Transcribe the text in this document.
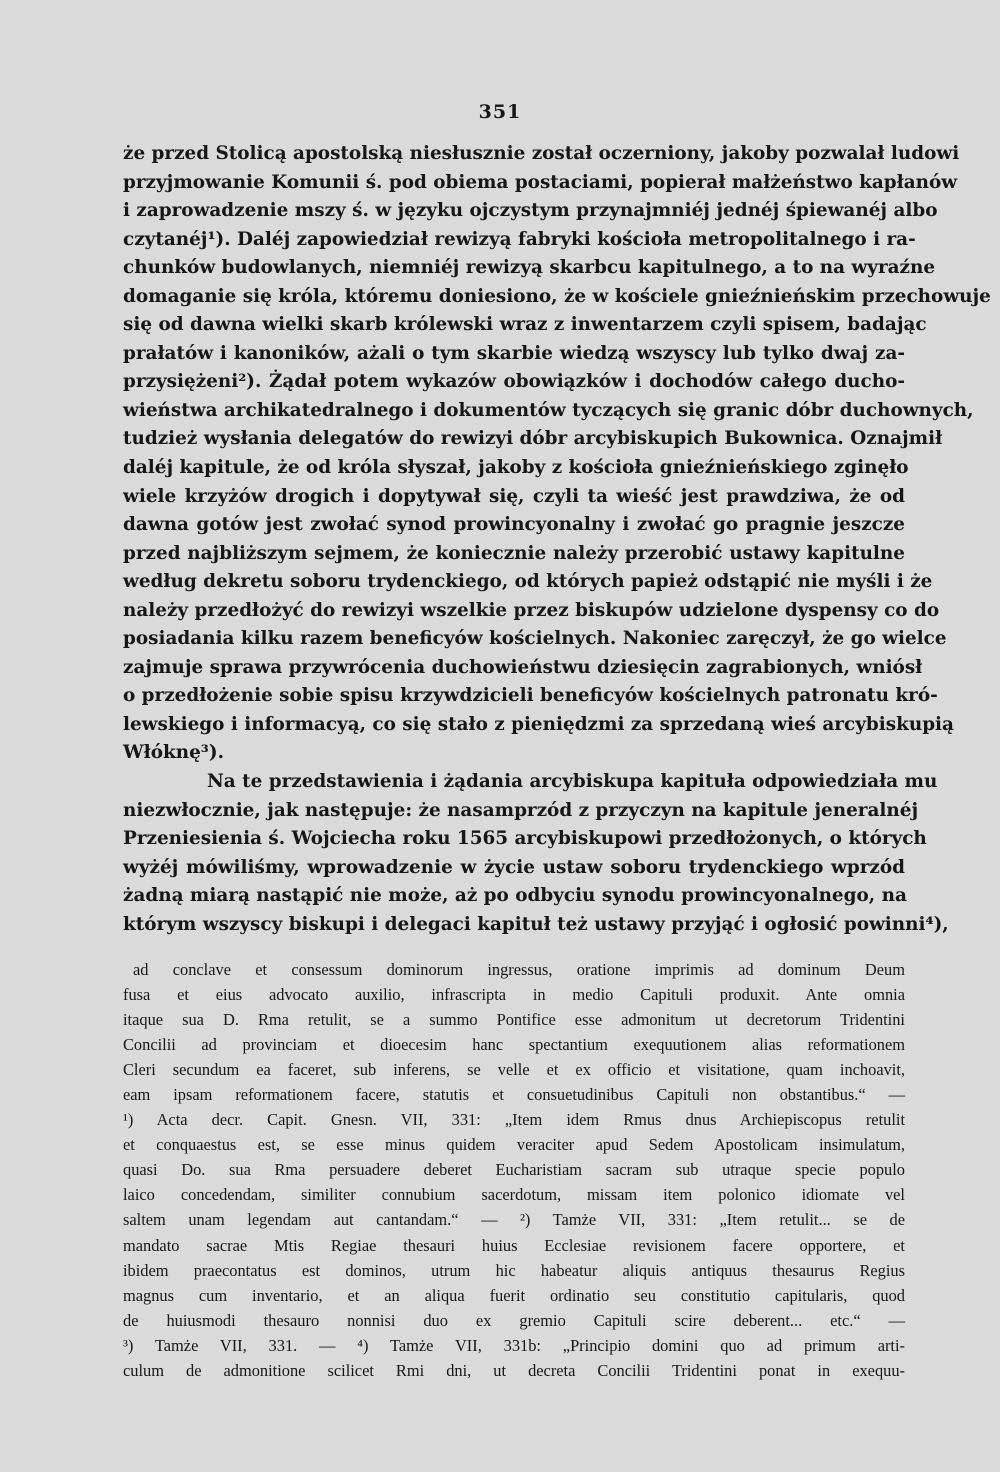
351
że przed Stolicą apostolską niesłusznie został oczerniony, jakoby pozwalał ludowi
przyjmowanie Komunii ś. pod obiema postaciami, popierał małżeństwo kapłanów
i zaprowadzenie mszy ś. w języku ojczystym przynajmniéj jednéj śpiewanéj albo
czytanéj¹). Daléj zapowiedział rewizyą fabryki kościoła metropolitalnego i ra-
chunków budowlanych, niemniéj rewizyą skarbcu kapitulnego, a to na wyraźne
domaganie się króla, któremu doniesiono, że w kościele gnieźnieńskim przechowuje
się od dawna wielki skarb królewski wraz z inwentarzem czyli spisem, badając
prałatów i kanoników, ażali o tym skarbie wiedzą wszyscy lub tylko dwaj za-
przysiężeni²). Żądał potem wykazów obowiązków i dochodów całego ducho-
wieństwa archikatedralnego i dokumentów tyczących się granic dóbr duchownych,
tudzież wysłania delegatów do rewizyi dóbr arcybiskupich Bukownica. Oznajmił
daléj kapitule, że od króla słyszał, jakoby z kościoła gnieźnieńskiego zginęło
wiele krzyżów drogich i dopytywał się, czyli ta wieść jest prawdziwa, że od
dawna gotów jest zwołać synod prowincyonalny i zwołać go pragnie jeszcze
przed najbliższym sejmem, że koniecznie należy przerobić ustawy kapitulne
według dekretu soboru trydenckiego, od których papież odstąpić nie myśli i że
należy przedłożyć do rewizyi wszelkie przez biskupów udzielone dyspensy co do
posiadania kilku razem beneficyów kościelnych. Nakoniec zaręczył, że go wielce
zajmuje sprawa przywrócenia duchowieństwu dziesięcin zagrabionych, wniósł
o przedłożenie sobie spisu krzywdzicieli beneficyów kościelnych patronatu kró-
lewskiego i informacyą, co się stało z pieniędzmi za sprzedaną wieś arcybiskupią
Włóknę³).
Na te przedstawienia i żądania arcybiskupa kapituła odpowiedziała mu
niezwłocznie, jak następuje: że nasamprzód z przyczyn na kapitule jeneralnéj
Przeniesienia ś. Wojciecha roku 1565 arcybiskupowi przedłożonych, o których
wyżéj mówiliśmy, wprowadzenie w życie ustaw soboru trydenckiego wprzód
żadną miarą nastąpić nie może, aż po odbyciu synodu prowincyonalnego, na
którym wszyscy biskupi i delegaci kapituł też ustawy przyjąć i ogłosić powinni⁴),
ad conclave et consessum dominorum ingressus, oratione imprimis ad dominum Deum
fusa et eius advocato auxilio, infrascripta in medio Capituli produxit. Ante omnia
itaque sua D. Rma retulit, se a summo Pontifice esse admonitum ut decretorum Tridentini
Concilii ad provinciam et dioecesim hanc spectantium exequutionem alias reformationem
Cleri secundum ea faceret, sub inferens, se velle et ex officio et visitatione, quam inchoavit,
eam ipsam reformationem facere, statutis et consuetudinibus Capituli non obstantibus.“ —
¹) Acta decr. Capit. Gnesn. VII, 331: „Item idem Rmus dnus Archiepiscopus retulit
et conquaestus est, se esse minus quidem veraciter apud Sedem Apostolicam insimulatum,
quasi Do. sua Rma persuadere deberet Eucharistiam sacram sub utraque specie populo
laico concedendam, similiter connubium sacerdotum, missam item polonico idiomate vel
saltem unam legendam aut cantandam.“ — ²) Tamże VII, 331: „Item retulit... se de
mandato sacrae Mtis Regiae thesauri huius Ecclesiae revisionem facere opportere, et
ibidem praecontatus est dominos, utrum hic habeatur aliquis antiquus thesaurus Regius
magnus cum inventario, et an aliqua fuerit ordinatio seu constitutio capitularis, quod
de huiusmodi thesauro nonnisi duo ex gremio Capituli scire deberent... etc.“ —
³) Tamże VII, 331. — ⁴) Tamże VII, 331b: „Principio domini quo ad primum arti-
culum de admonitione scilicet Rmi dni, ut decreta Concilii Tridentini ponat in exequu-
